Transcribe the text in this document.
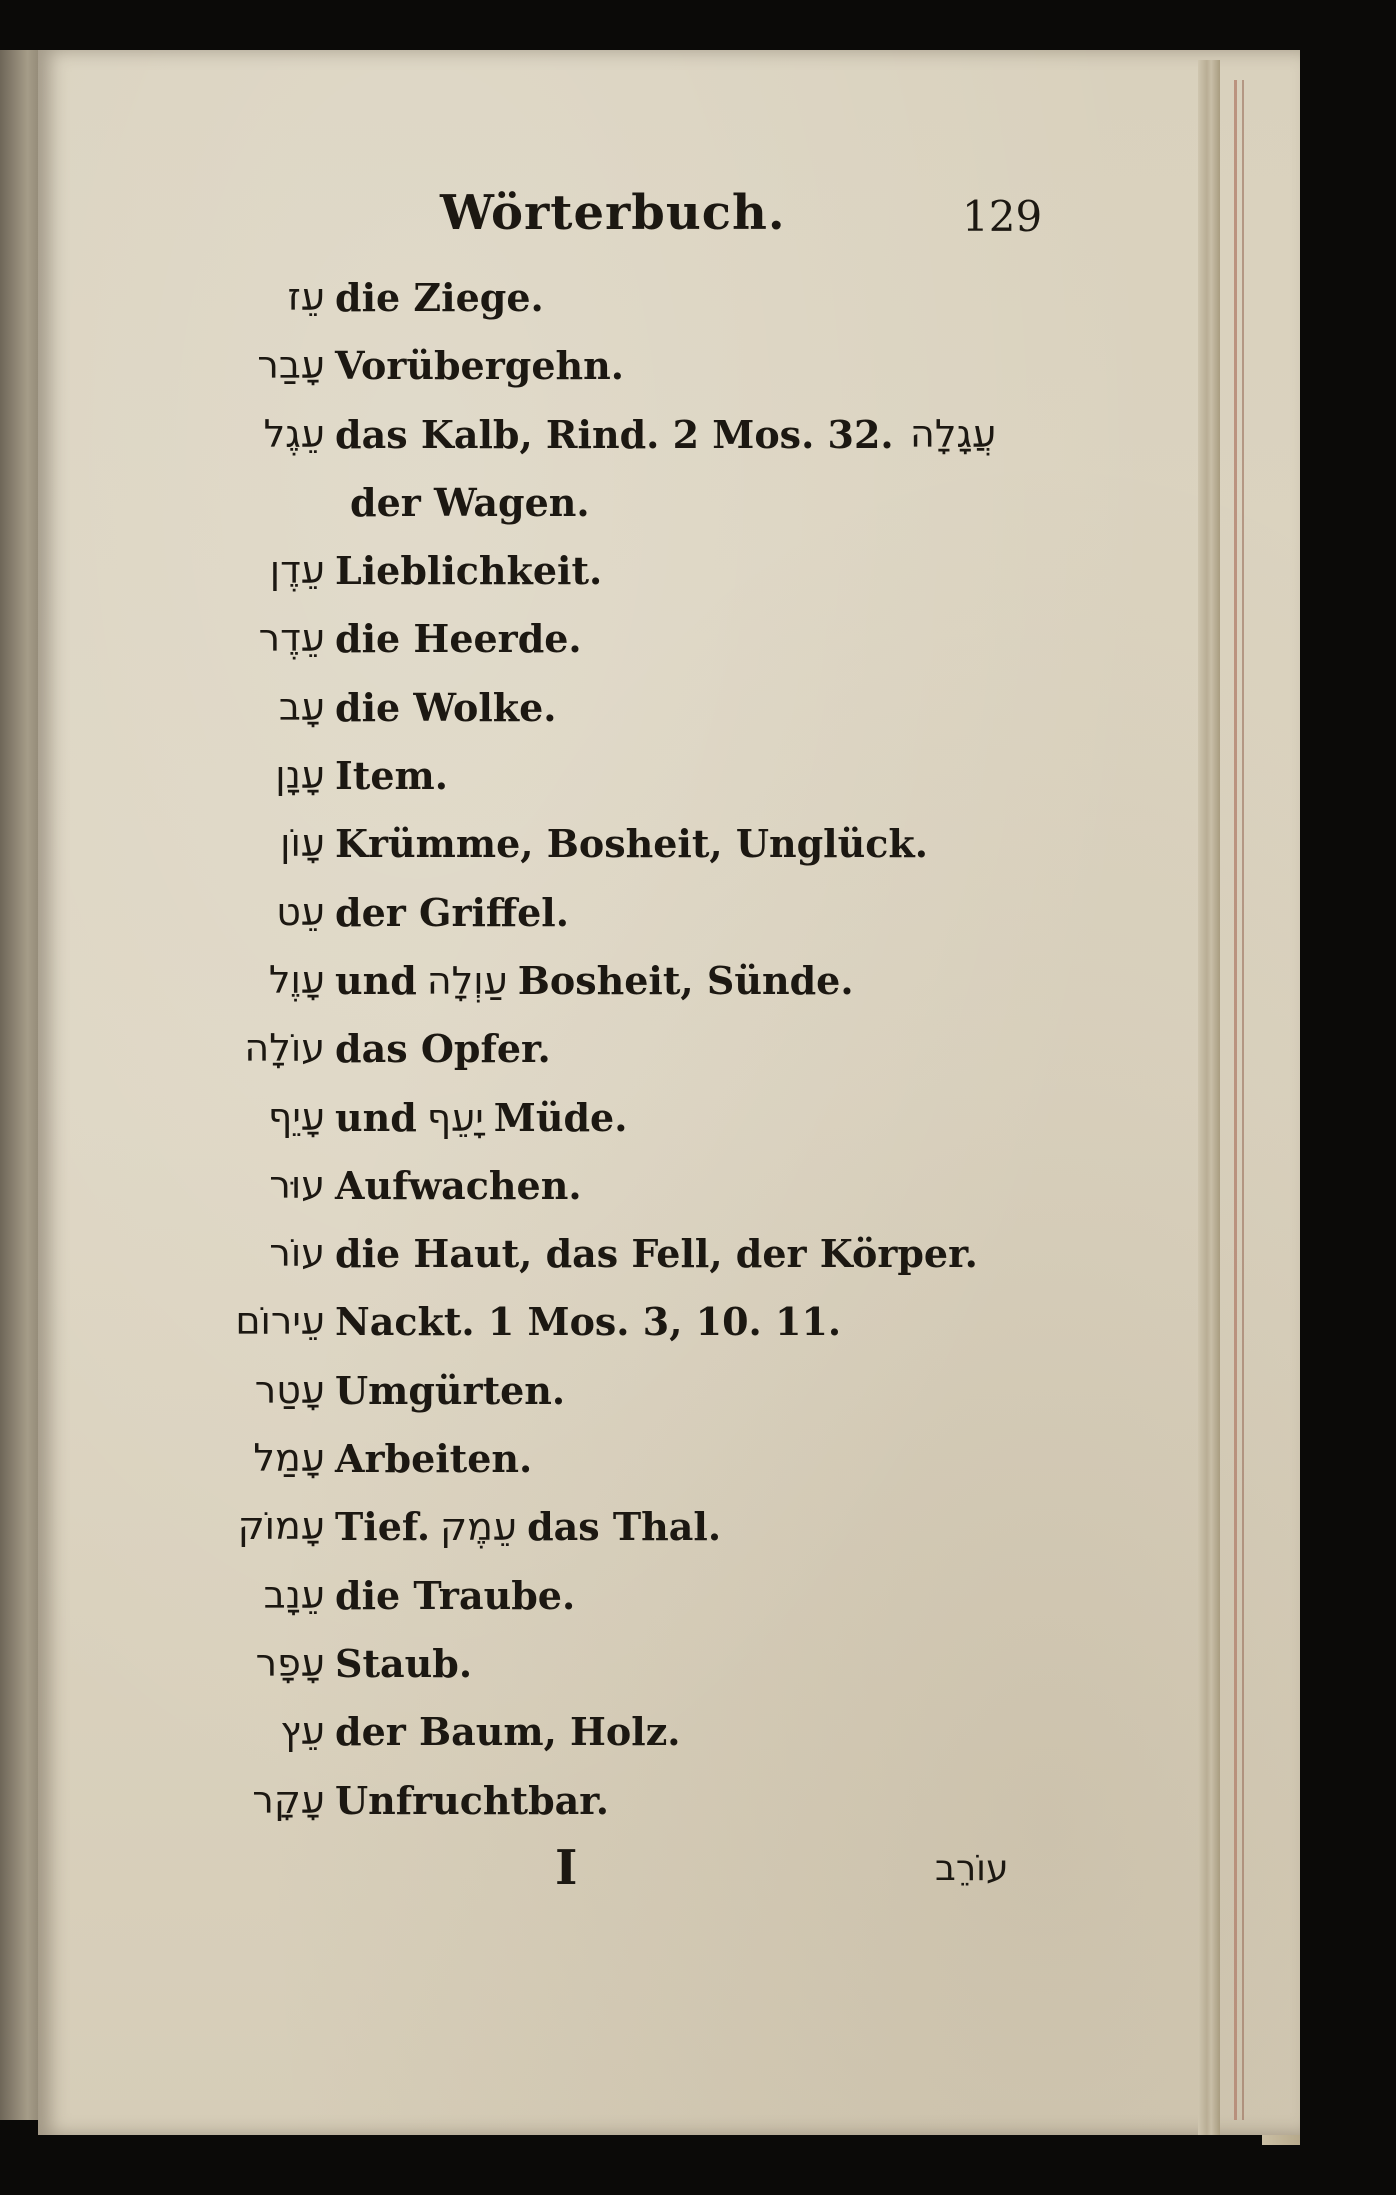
Wörterbuch.	129
עֵז die Ziege.
עָבַר Vorübergehn.
עֵגֶל das Kalb, Rind. 2 Mos. 32. עֲגָלָה
der Wagen.
עֵדֶן Lieblichkeit.
עֵדֶר die Heerde.
עָב die Wolke.
עָנָן Item.
עָוֹן Krümme, Bosheit, Unglück.
עֵט der Griffel.
עָוֶל und עַוְלָה Bosheit, Sünde.
עוֹלָה das Opfer.
עָיֵף und יָעֵף Müde.
עוּר Aufwachen.
עוֹר die Haut, das Fell, der Körper.
עֵירוֹם Nackt. 1 Mos. 3, 10. 11.
עָטַר Umgürten.
עָמַל Arbeiten.
עָמוֹק Tief. עֵמֶק das Thal.
עֵנָב die Traube.
עָפָר Staub.
עֵץ der Baum, Holz.
עָקָר Unfruchtbar.
I	עוֹרֵב
